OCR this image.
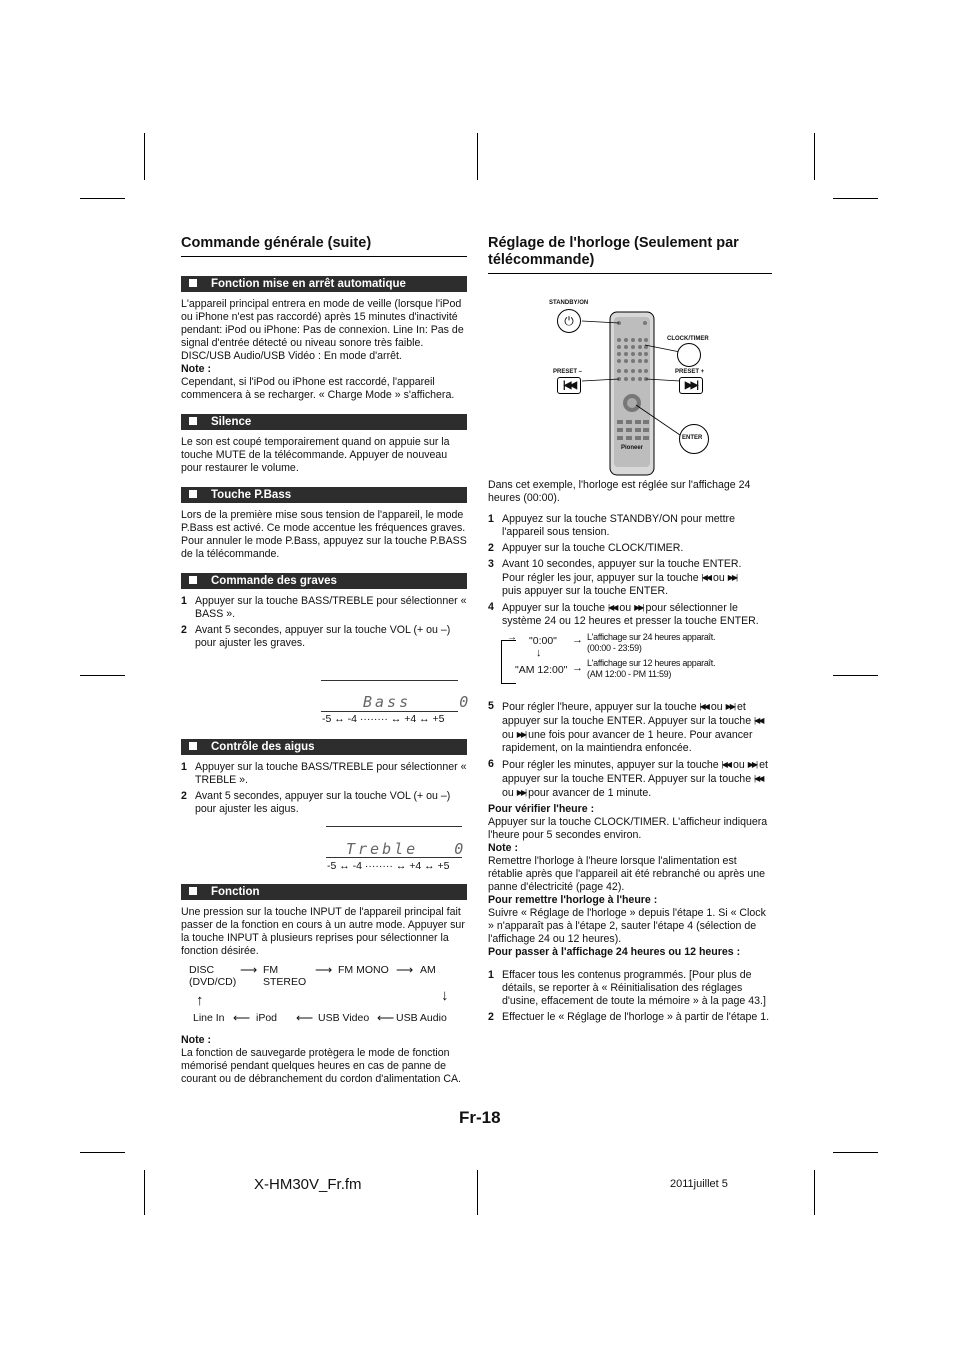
Commande générale (suite)
Fonction mise en arrêt automatique

L'appareil principal entrera en mode de veille (lorsque l'iPod ou iPhone n'est pas raccordé) après 15 minutes d'inactivité pendant: iPod ou iPhone: Pas de connexion. Line In: Pas de signal d'entrée détecté ou niveau sonore très faible.

DISC/USB Audio/USB Vidéo : En mode d'arrêt.

Note :

Cependant, si l'iPod ou iPhone est raccordé, l'appareil commencera à se recharger. « Charge Mode » s'affichera.

Silence

Le son est coupé temporairement quand on appuie sur la touche MUTE de la télécommande. Appuyer de nouveau pour restaurer le volume.

Touche P.Bass

Lors de la première mise sous tension de l'appareil, le mode P.Bass est activé. Ce mode accentue les fréquences graves.

Pour annuler le mode P.Bass, appuyez sur la touche P.BASS de la télécommande.

Commande des graves
1 Appuyer sur la touche BASS/TREBLE pour sélectionner « BASS ».
2 Avant 5 secondes, appuyer sur la touche VOL (+ ou –) pour ajuster les graves.
Bass    0
-5 ↔ -4 ········ ↔ +4 ↔ +5
Contrôle des aigus
1 Appuyer sur la touche BASS/TREBLE pour sélectionner « TREBLE ».
2 Avant 5 secondes, appuyer sur la touche VOL (+ ou –) pour ajuster les aigus.
Treble   0
-5 ↔ -4 ········ ↔ +4 ↔ +5
Fonction

Une pression sur la touche INPUT de l'appareil principal fait passer de la fonction en cours à un autre mode. Appuyer sur la touche INPUT à plusieurs reprises pour sélectionner la fonction désirée.

DISC
(DVD/CD)
⟶ FM
STEREO
⟶ FM MONO ⟶ AM
↑	↓
Line In ⟵ iPod ⟵ USB Video ⟵ USB Audio

Note :

La fonction de sauvegarde protègera le mode de fonction mémorisé pendant quelques heures en cas de panne de courant ou de débranchement du cordon d'alimentation CA.

Réglage de l'horloge (Seulement par télécommande)
STANDBY/ON
⏻
CLOCK/TIMER
PRESET –
|◀◀
PRESET +
▶▶|
ENTER
Pioneer

Dans cet exemple, l'horloge est réglée sur l'affichage 24 heures (00:00).

1 Appuyez sur la touche STANDBY/ON pour mettre l'appareil sous tension.
2 Appuyer sur la touche CLOCK/TIMER.
3 Avant 10 secondes, appuyer sur la touche ENTER.
Pour régler les jour, appuyer sur la touche |◀◀ ou ▶▶|
puis appuyer sur la touche ENTER.
4 Appuyer sur la touche |◀◀ ou ▶▶| pour sélectionner le système 24 ou 12 heures et presser la touche ENTER.
→ "0:00"
↓
"AM 12:00"
→
→
L'affichage sur 24 heures apparaît.
(00:00 - 23:59)
L'affichage sur 12 heures apparaît.
(AM 12:00 - PM 11:59)
5 Pour régler l'heure, appuyer sur la touche |◀◀ ou ▶▶| et appuyer sur la touche ENTER. Appuyer sur la touche |◀◀ ou ▶▶| une fois pour avancer de 1 heure. Pour avancer rapidement, on la maintiendra enfoncée.
6 Pour régler les minutes, appuyer sur la touche |◀◀ ou ▶▶| et appuyer sur la touche ENTER. Appuyer sur la touche |◀◀ ou ▶▶| pour avancer de 1 minute.

Pour vérifier l'heure :

Appuyer sur la touche CLOCK/TIMER. L'afficheur indiquera l'heure pour 5 secondes environ.

Note :

Remettre l'horloge à l'heure lorsque l'alimentation est rétablie après que l'appareil ait été rebranché ou après une panne d'électricité (page 42).

Pour remettre l'horloge à l'heure :

Suivre « Réglage de l'horloge » depuis l'étape 1. Si « Clock » n'apparaît pas à l'étape 2, sauter l'étape 4 (sélection de l'affichage 24 ou 12 heures).

Pour passer à l'affichage 24 heures ou 12 heures :

1 Effacer tous les contenus programmés. [Pour plus de détails, se reporter à « Réinitialisation des réglages d'usine, effacement de toute la mémoire » à la page 43.]
2 Effectuer le « Réglage de l'horloge » à partir de l'étape 1.
Fr-18
X-HM30V_Fr.fm	2011juillet 5
